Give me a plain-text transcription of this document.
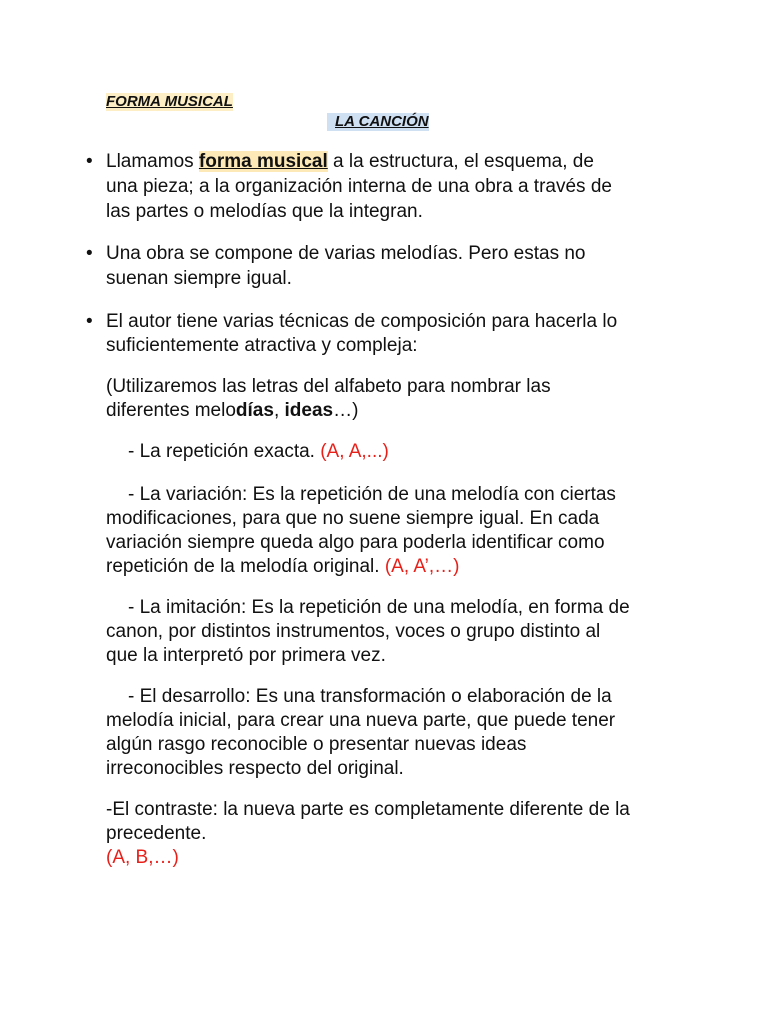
FORMA MUSICAL
LA CANCIÓN
• Llamamos forma musical a la estructura, el esquema, de
una pieza; a la organización interna de una obra a través de
las partes o melodías que la integran.
• Una obra se compone de varias melodías. Pero estas no
suenan siempre igual.
• El autor tiene varias técnicas de composición para hacerla lo
suficientemente atractiva y compleja:
(Utilizaremos las letras del alfabeto para nombrar las
diferentes melodías, ideas…)
- La repetición exacta. (A, A,...)
- La variación: Es la repetición de una melodía con ciertas
modificaciones, para que no suene siempre igual. En cada
variación siempre queda algo para poderla identificar como
repetición de la melodía original. (A, A’,…)
- La imitación: Es la repetición de una melodía, en forma de
canon, por distintos instrumentos, voces o grupo distinto al
que la interpretó por primera vez.
- El desarrollo: Es una transformación o elaboración de la
melodía inicial, para crear una nueva parte, que puede tener
algún rasgo reconocible o presentar nuevas ideas
irreconocibles respecto del original.
-El contraste: la nueva parte es completamente diferente de la
precedente.
(A, B,…)
